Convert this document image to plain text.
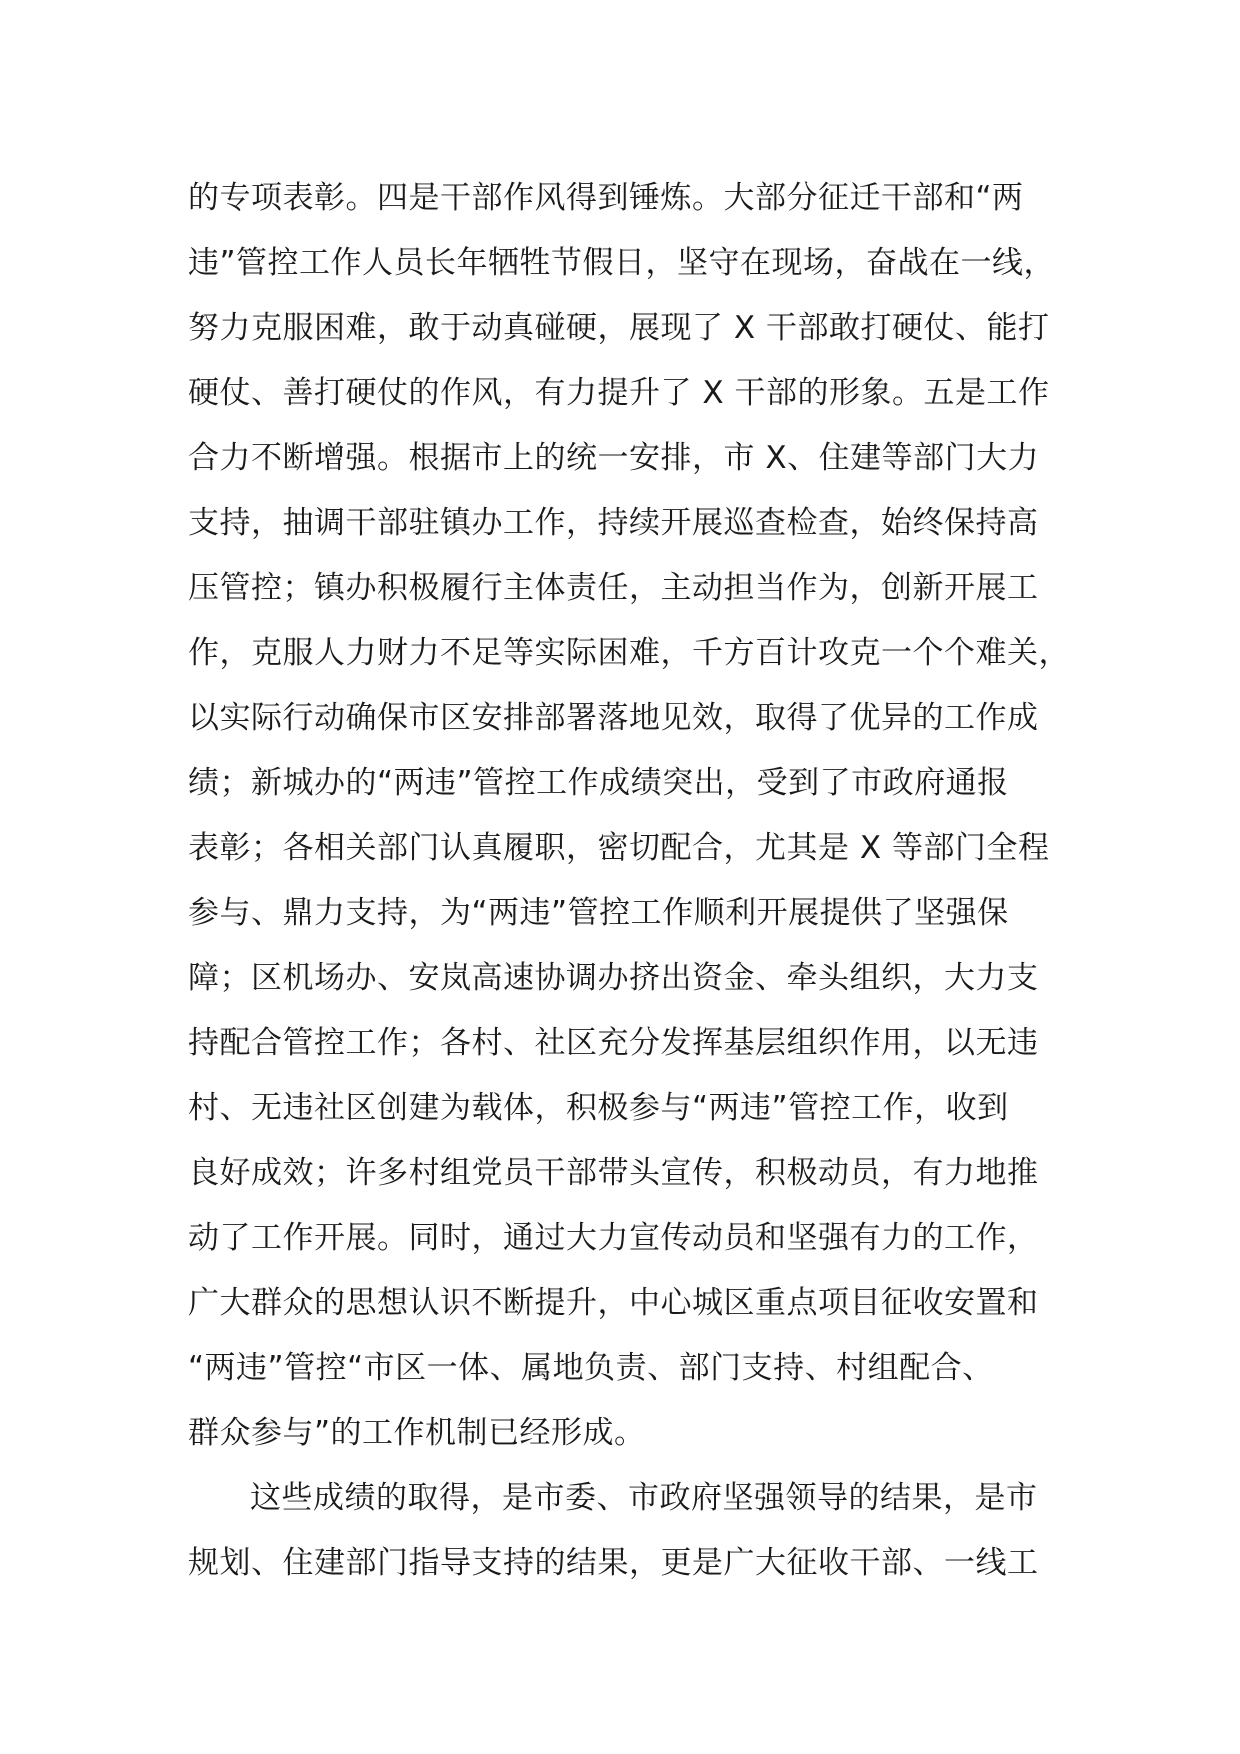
的专项表彰。四是干部作风得到锤炼。大部分征迁干部和“两
违”管控工作人员长年牺牲节假日，坚守在现场，奋战在一线，
努力克服困难，敢于动真碰硬，展现了 X 干部敢打硬仗、能打
硬仗、善打硬仗的作风，有力提升了 X 干部的形象。五是工作
合力不断增强。根据市上的统一安排，市 X、住建等部门大力
支持，抽调干部驻镇办工作，持续开展巡查检查，始终保持高
压管控；镇办积极履行主体责任，主动担当作为，创新开展工
作，克服人力财力不足等实际困难，千方百计攻克一个个难关，
以实际行动确保市区安排部署落地见效，取得了优异的工作成
绩；新城办的“两违”管控工作成绩突出，受到了市政府通报
表彰；各相关部门认真履职，密切配合，尤其是 X 等部门全程
参与、鼎力支持，为“两违”管控工作顺利开展提供了坚强保
障；区机场办、安岚高速协调办挤出资金、牵头组织，大力支
持配合管控工作；各村、社区充分发挥基层组织作用，以无违
村、无违社区创建为载体，积极参与“两违”管控工作，收到
良好成效；许多村组党员干部带头宣传，积极动员，有力地推
动了工作开展。同时，通过大力宣传动员和坚强有力的工作，
广大群众的思想认识不断提升，中心城区重点项目征收安置和
“两违”管控“市区一体、属地负责、部门支持、村组配合、
群众参与”的工作机制已经形成。
这些成绩的取得，是市委、市政府坚强领导的结果，是市
规划、住建部门指导支持的结果，更是广大征收干部、一线工
